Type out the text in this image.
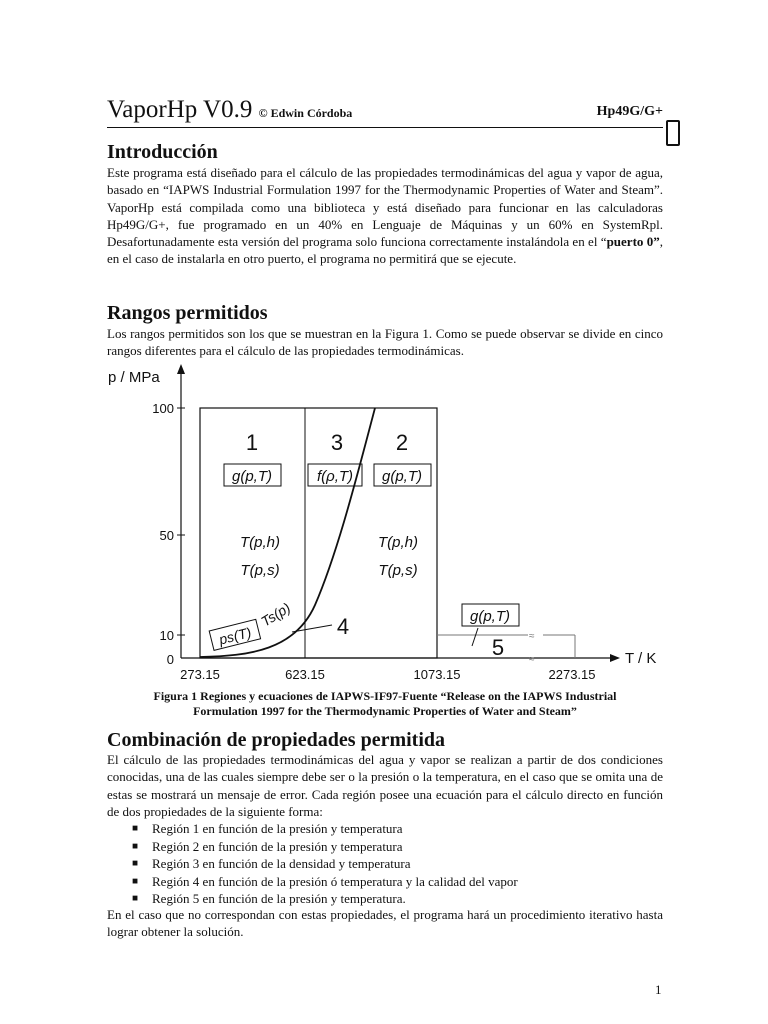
VaporHp V0.9 © Edwin Córdoba	Hp49G/G+
Introducción

Este programa está diseñado para el cálculo de las propiedades termodinámicas del agua y vapor de agua, basado en “IAPWS Industrial Formulation 1997 for the Thermodynamic Properties of Water and Steam”. VaporHp está compilada como una biblioteca y está diseñado para funcionar en las calculadoras Hp49G/G+, fue programado en un 40% en Lenguaje de Máquinas y un 60% en SystemRpl. Desafortunadamente esta versión del programa solo funciona correctamente instalándola en el “puerto 0”, en el caso de instalarla en otro puerto, el programa no permitirá que se ejecute.

Rangos permitidos

Los rangos permitidos son los que se muestran en la Figura 1. Como se puede observar se divide en cinco rangos diferentes para el cálculo de las propiedades termodinámicas.

p / MPa
T / K
100
50
10
0
273.15	623.15	1073.15	2273.15
≈
≈
1	3 2
4
5
g(p,T)	f(ρ,T) g(p,T)
g(p,T)
T(p,h)
T(p,s)
T(p,h)
T(p,s)
ps(T)
Ts(p)
Figura 1 Regiones y ecuaciones de IAPWS-IF97-Fuente “Release on the IAPWS Industrial
Formulation 1997 for the Thermodynamic Properties of Water and Steam”
Combinación de propiedades permitida

El cálculo de las propiedades termodinámicas del agua y vapor se realizan a partir de dos condiciones conocidas, una de las cuales siempre debe ser o la presión o la temperatura, en el caso que se omita una de estas se mostrará un mensaje de error. Cada región posee una ecuación para el cálculo directo en función de dos propiedades de la siguiente forma:

■ Región 1 en función de la presión y temperatura
■ Región 2 en función de la presión y temperatura
■ Región 3 en función de la densidad y temperatura
■ Región 4 en función de la presión ó temperatura y la calidad del vapor
■ Región 5 en función de la presión y temperatura.

En el caso que no correspondan con estas propiedades, el programa hará un procedimiento iterativo hasta lograr obtener la solución.

1
